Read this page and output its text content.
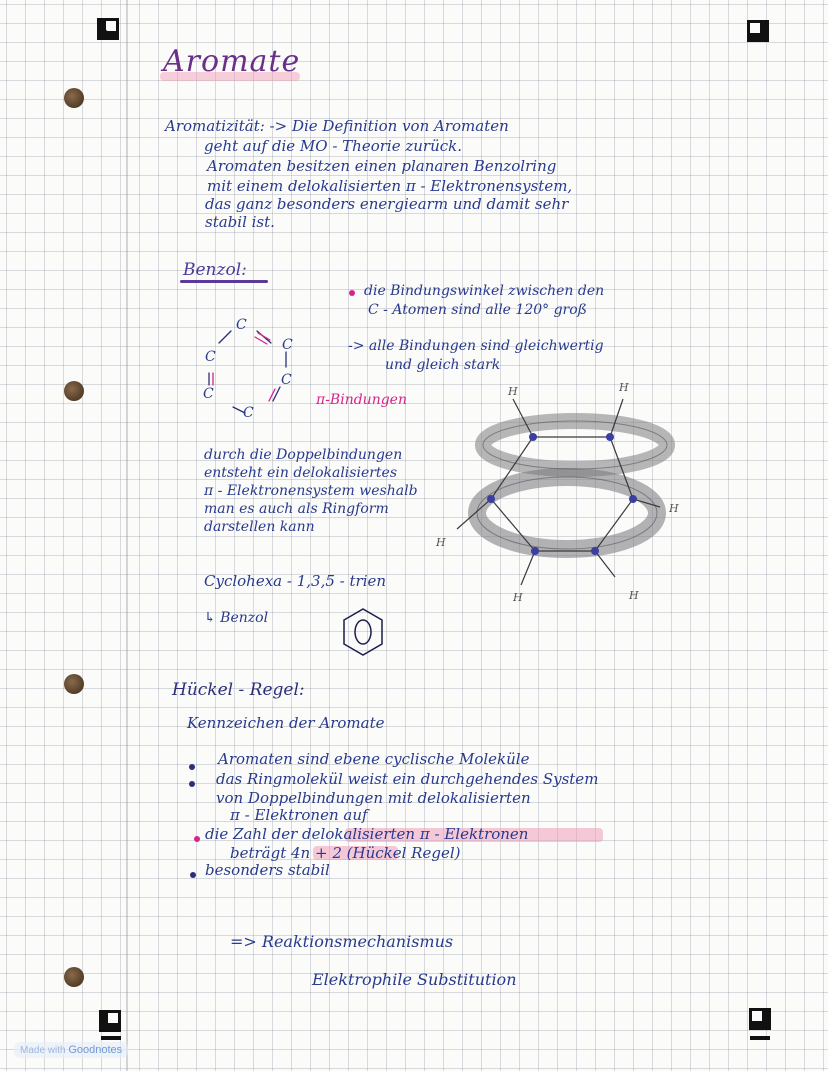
Aromate
Aromatizität: -> Die Definition von Aromaten
geht auf die MO - Theorie zurück.
Aromaten besitzen einen planaren Benzolring
mit einem delokalisierten π - Elektronensystem,
das ganz besonders energiearm und damit sehr
stabil ist.
Benzol:
die Bindungswinkel zwischen den
C - Atomen sind alle 120° groß
-> alle Bindungen sind gleichwertig
und gleich stark
C
C
C
C
C
C
π-Bindungen
durch die Doppelbindungen
entsteht ein delokalisiertes
π - Elektronensystem weshalb
man es auch als Ringform
darstellen kann
H	H
H
H
H	H
Cyclohexa - 1,3,5 - trien
↳ Benzol
Hückel - Regel:
Kennzeichen der Aromate
Aromaten sind ebene cyclische Moleküle
das Ringmolekül weist ein durchgehendes System
von Doppelbindungen mit delokalisierten
π - Elektronen auf
die Zahl der delokalisierten π - Elektronen
beträgt 4n + 2 (Hückel Regel)
besonders stabil
=> Reaktionsmechanismus
Elektrophile Substitution
Made with Goodnotes
